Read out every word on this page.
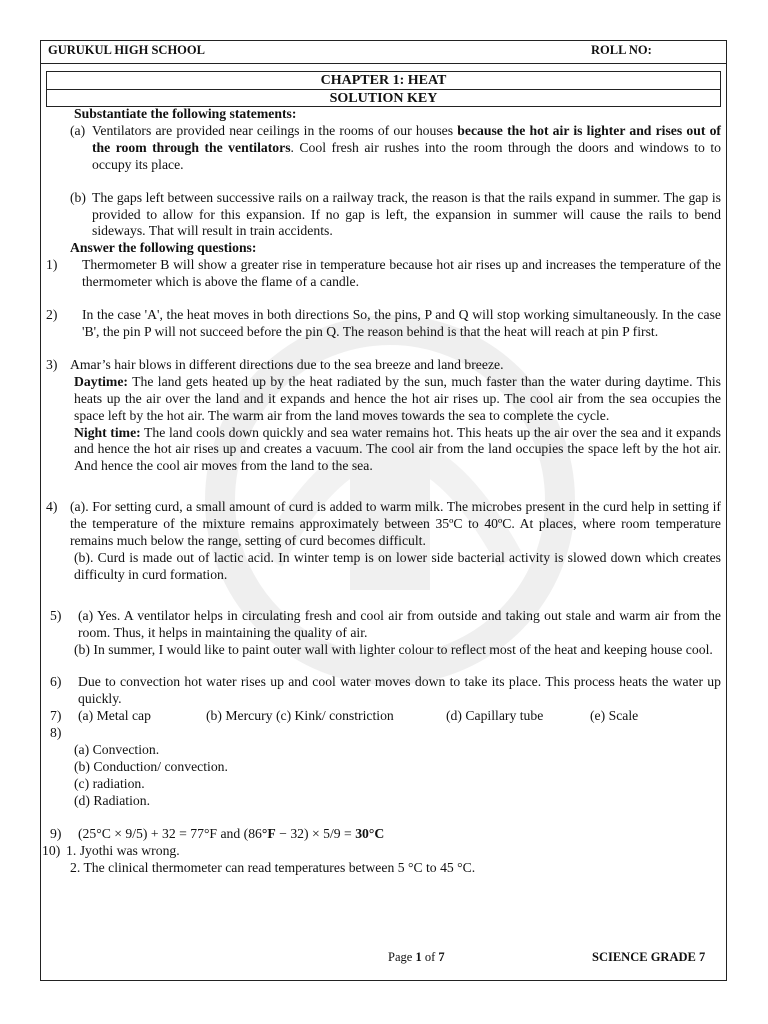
GURUKUL HIGH SCHOOL	ROLL NO:
CHAPTER 1: HEAT
SOLUTION KEY
Substantiate the following statements:
(a) Ventilators are provided near ceilings in the rooms of our houses because the hot air is lighter and rises out of the room through the ventilators. Cool fresh air rushes into the room through the doors and windows to to occupy its place.
(b) The gaps left between successive rails on a railway track, the reason is that the rails expand in summer. The gap is provided to allow for this expansion. If no gap is left, the expansion in summer will cause the rails to bend sideways. That will result in train accidents.
Answer the following questions:
1)	Thermometer B will show a greater rise in temperature because hot air rises up and increases the temperature of the thermometer which is above the flame of a candle.
2)	In the case 'A', the heat moves in both directions So, the pins, P and Q will stop working simultaneously. In the case 'B', the pin P will not succeed before the pin Q. The reason behind is that the heat will reach at pin P first.
3) Amar’s hair blows in different directions due to the sea breeze and land breeze.
Daytime: The land gets heated up by the heat radiated by the sun, much faster than the water during daytime. This heats up the air over the land and it expands and hence the hot air rises up. The cool air from the sea occupies the space left by the hot air. The warm air from the land moves towards the sea to complete the cycle.
Night time: The land cools down quickly and sea water remains hot. This heats up the air over the sea and it expands and hence the hot air rises up and creates a vacuum. The cool air from the land occupies the space left by the hot air. And hence the cool air moves from the land to the sea.
4) (a). For setting curd, a small amount of curd is added to warm milk. The microbes present in the curd help in setting if the temperature of the mixture remains approximately between 35ºC to 40ºC. At places, where room temperature remains much below the range, setting of curd becomes difficult.
(b). Curd is made out of lactic acid. In winter temp is on lower side bacterial activity is slowed down which creates difficulty in curd formation.
5)	(a) Yes. A ventilator helps in circulating fresh and cool air from outside and taking out stale and warm air from the room. Thus, it helps in maintaining the quality of air.
(b) In summer, I would like to paint outer wall with lighter colour to reflect most of the heat and keeping house cool.
6)	Due to convection hot water rises up and cool water moves down to take its place. This process heats the water up quickly.
7)	(a) Metal cap	(b) Mercury (c) Kink/ constriction	(d) Capillary tube	(e) Scale
8)
(a) Convection.
(b) Conduction/ convection.
(c) radiation.
(d) Radiation.
9)	(25°C × 9/5) + 32 = 77°F and (86°F − 32) × 5/9 = 30°C
10) 1. Jyothi was wrong.
2. The clinical thermometer can read temperatures between 5 °C to 45 °C.
Page 1 of 7	SCIENCE GRADE 7
